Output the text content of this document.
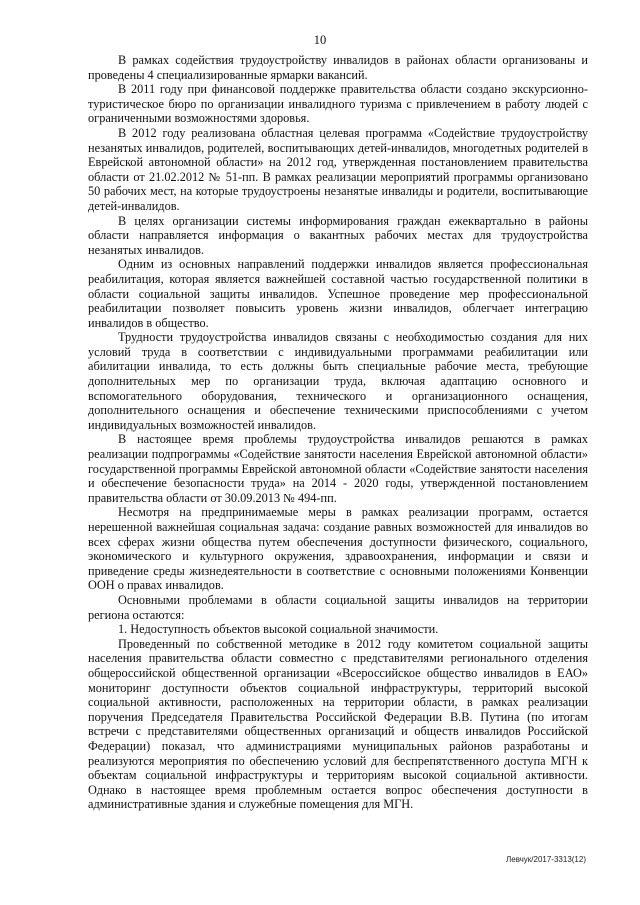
10

В рамках содействия трудоустройству инвалидов в районах области организованы и проведены 4 специализированные ярмарки вакансий.

В 2011 году при финансовой поддержке правительства области создано экскурсионно-туристическое бюро по организации инвалидного туризма с привлечением в работу людей с ограниченными возможностями здоровья.

В 2012 году реализована областная целевая программа «Содействие трудоустройству незанятых инвалидов, родителей, воспитывающих детей-инвалидов, многодетных родителей в Еврейской автономной области» на 2012 год, утвержденная постановлением правительства области от 21.02.2012 № 51-пп. В рамках реализации мероприятий программы организовано 50 рабочих мест, на которые трудоустроены незанятые инвалиды и родители, воспитывающие детей-инвалидов.

В целях организации системы информирования граждан ежеквартально в районы области направляется информация о вакантных рабочих местах для трудоустройства незанятых инвалидов.

Одним из основных направлений поддержки инвалидов является профессиональная реабилитация, которая является важнейшей составной частью государственной политики в области социальной защиты инвалидов. Успешное проведение мер профессиональной реабилитации позволяет повысить уровень жизни инвалидов, облегчает интеграцию инвалидов в общество.

Трудности трудоустройства инвалидов связаны с необходимостью создания для них условий труда в соответствии с индивидуальными программами реабилитации или абилитации инвалида, то есть должны быть специальные рабочие места, требующие дополнительных мер по организации труда, включая адаптацию основного и вспомогательного оборудования, технического и организационного оснащения, дополнительного оснащения и обеспечение техническими приспособлениями с учетом индивидуальных возможностей инвалидов.

В настоящее время проблемы трудоустройства инвалидов решаются в рамках реализации подпрограммы «Содействие занятости населения Еврейской автономной области» государственной программы Еврейской автономной области «Содействие занятости населения и обеспечение безопасности труда» на 2014 - 2020 годы, утвержденной постановлением правительства области от 30.09.2013 № 494-пп.

Несмотря на предпринимаемые меры в рамках реализации программ, остается нерешенной важнейшая социальная задача: создание равных возможностей для инвалидов во всех сферах жизни общества путем обеспечения доступности физического, социального, экономического и культурного окружения, здравоохранения, информации и связи и приведение среды жизнедеятельности в соответствие с основными положениями Конвенции ООН о правах инвалидов.

Основными проблемами в области социальной защиты инвалидов на территории региона остаются:

1. Недоступность объектов высокой социальной значимости.

Проведенный по собственной методике в 2012 году комитетом социальной защиты населения правительства области совместно с представителями регионального отделения общероссийской общественной организации «Всероссийское общество инвалидов в ЕАО» мониторинг доступности объектов социальной инфраструктуры, территорий высокой социальной активности, расположенных на территории области, в рамках реализации поручения Председателя Правительства Российской Федерации В.В. Путина (по итогам встречи с представителями общественных организаций и обществ инвалидов Российской Федерации) показал, что администрациями муниципальных районов разработаны и реализуются мероприятия по обеспечению условий для беспрепятственного доступа МГН к объектам социальной инфраструктуры и территориям высокой социальной активности. Однако в настоящее время проблемным остается вопрос обеспечения доступности в административные здания и служебные помещения для МГН.

Левчук/2017-3313(12)
